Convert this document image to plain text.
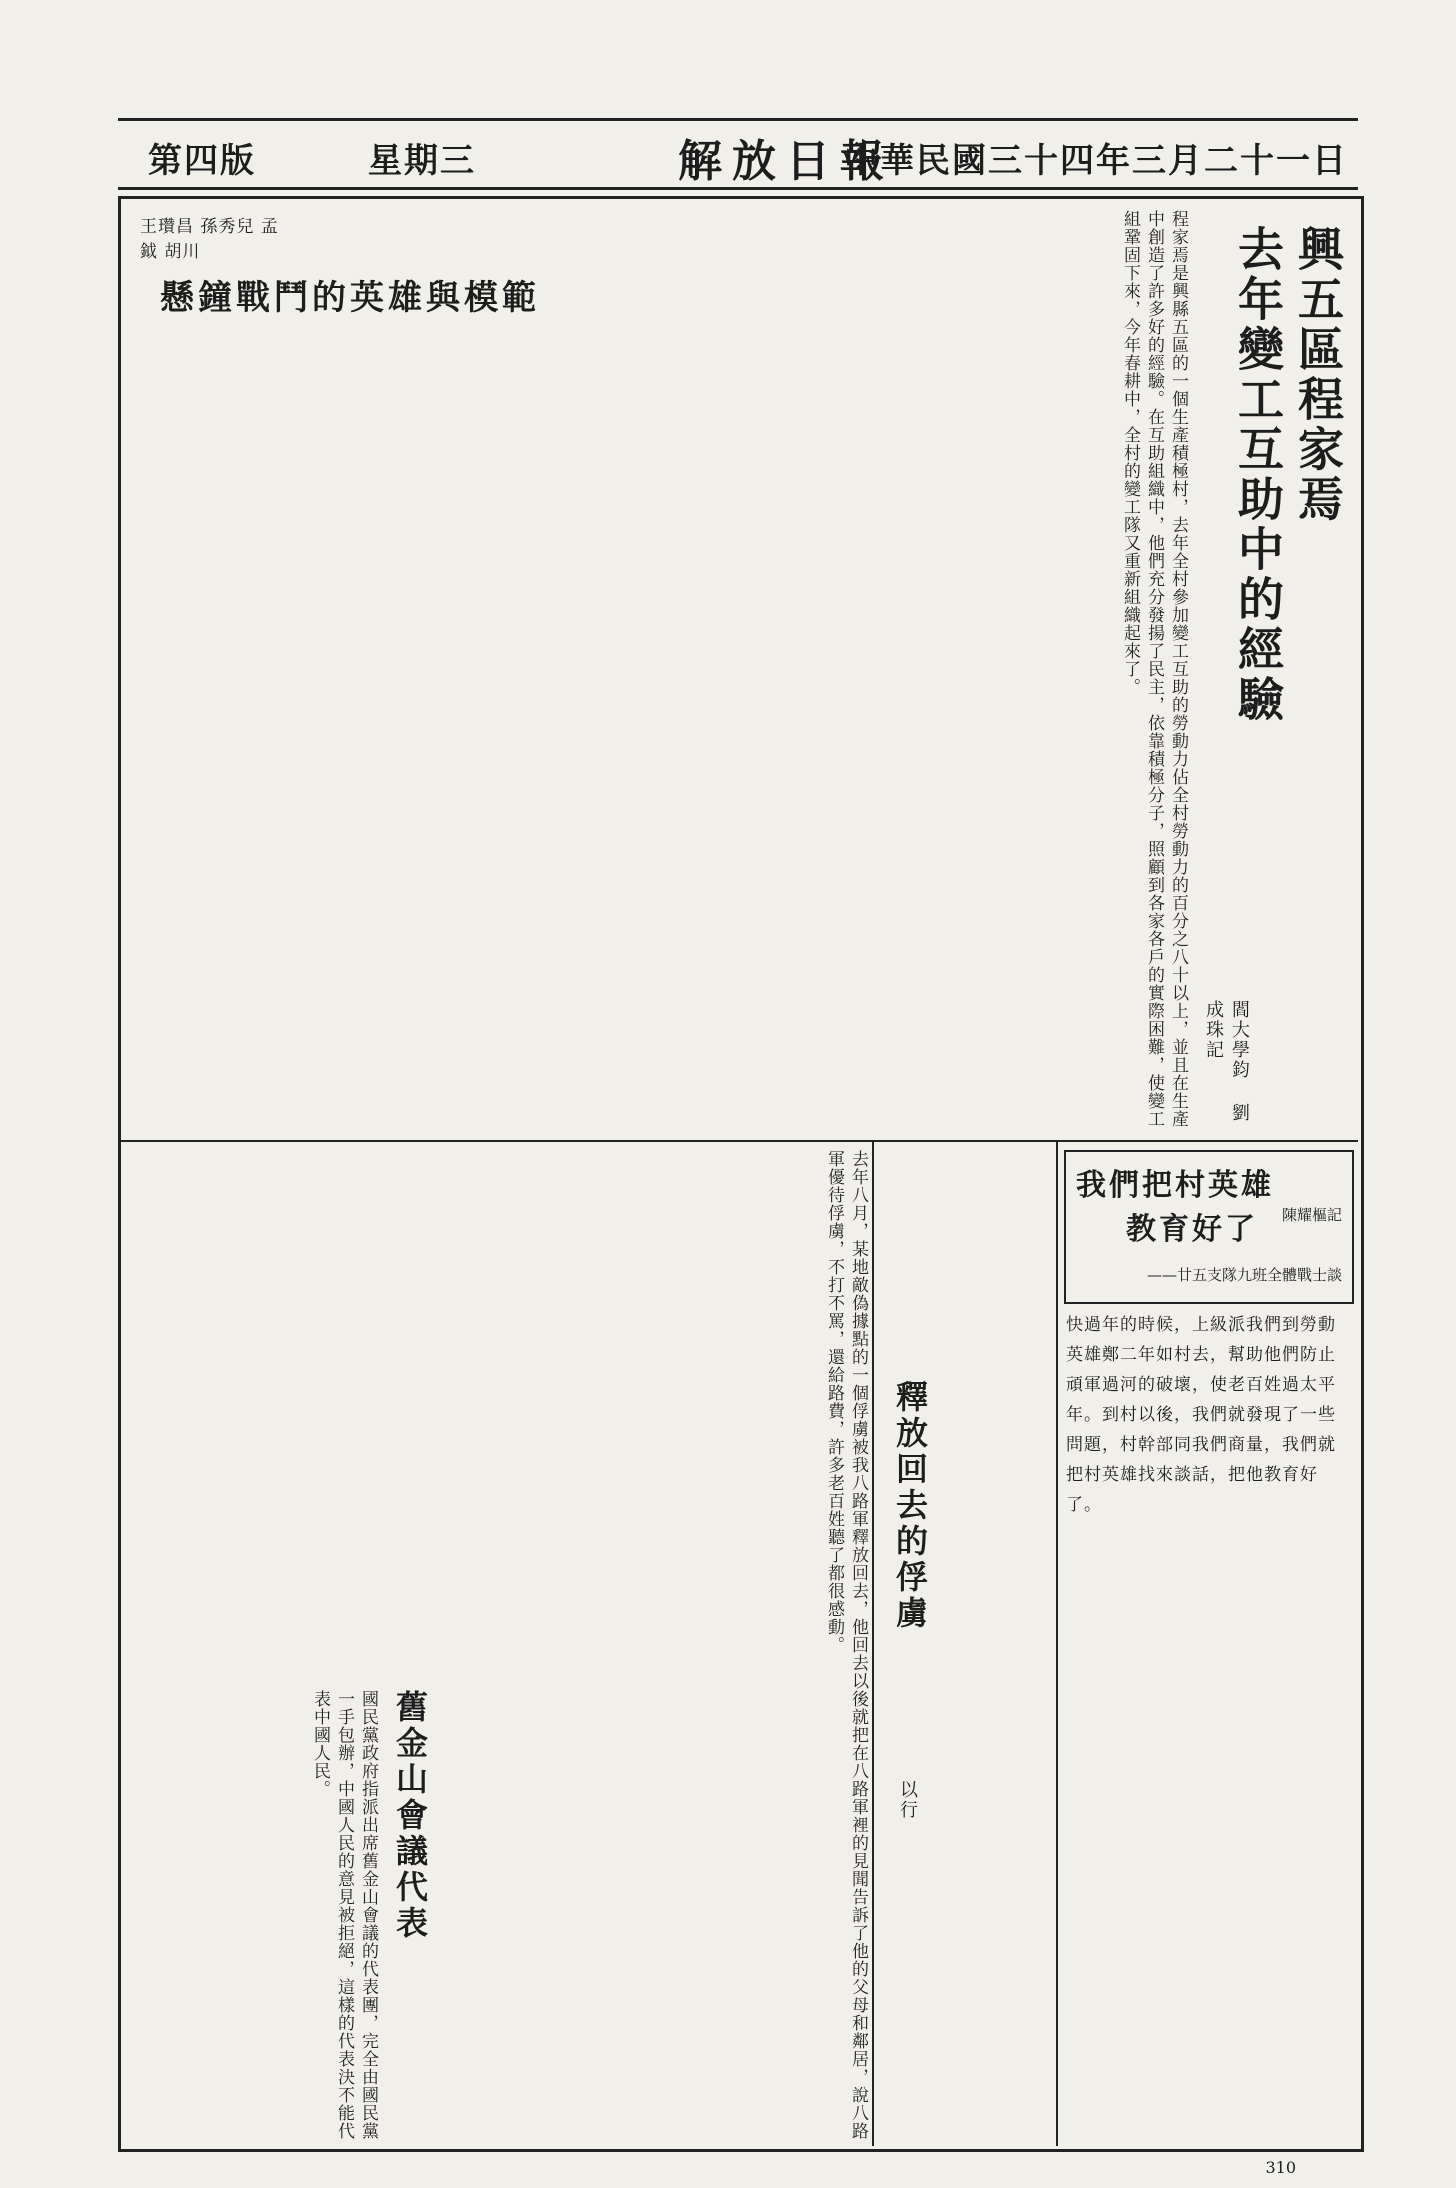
中華民國三十四年三月二十一日
解放日報
星期三
第四版
興五區程家焉
去年變工互助中的經驗
閻大學鈞 劉成珠記
程家焉是興縣五區的一個生產積極村，去年全村參加變工互助的勞動力佔全村勞動力的百分之八十以上，並且在生產中創造了許多好的經驗。在互助組織中，他們充分發揚了民主，依靠積極分子，照顧到各家各戶的實際困難，使變工組鞏固下來，今年春耕中，全村的變工隊又重新組織起來了。
懸鐘戰鬥的英雄與模範
王瓚昌 孫秀兒 孟鉞 胡川
我們把村英雄
教育好了 陳耀樞記
——廿五支隊九班全體戰士談
快過年的時候，上級派我們到勞動英雄鄭二年如村去，幫助他們防止頑軍過河的破壞，使老百姓過太平年。到村以後，我們就發現了一些問題，村幹部同我們商量，我們就把村英雄找來談話，把他教育好了。
釋放回去的俘虜
以行
去年八月，某地敵偽據點的一個俘虜被我八路軍釋放回去，他回去以後就把在八路軍裡的見聞告訴了他的父母和鄰居，說八路軍優待俘虜，不打不罵，還給路費，許多老百姓聽了都很感動。
舊金山會議代表
國民黨政府指派出席舊金山會議的代表團，完全由國民黨一手包辦，中國人民的意見被拒絕，這樣的代表決不能代表中國人民。
310
